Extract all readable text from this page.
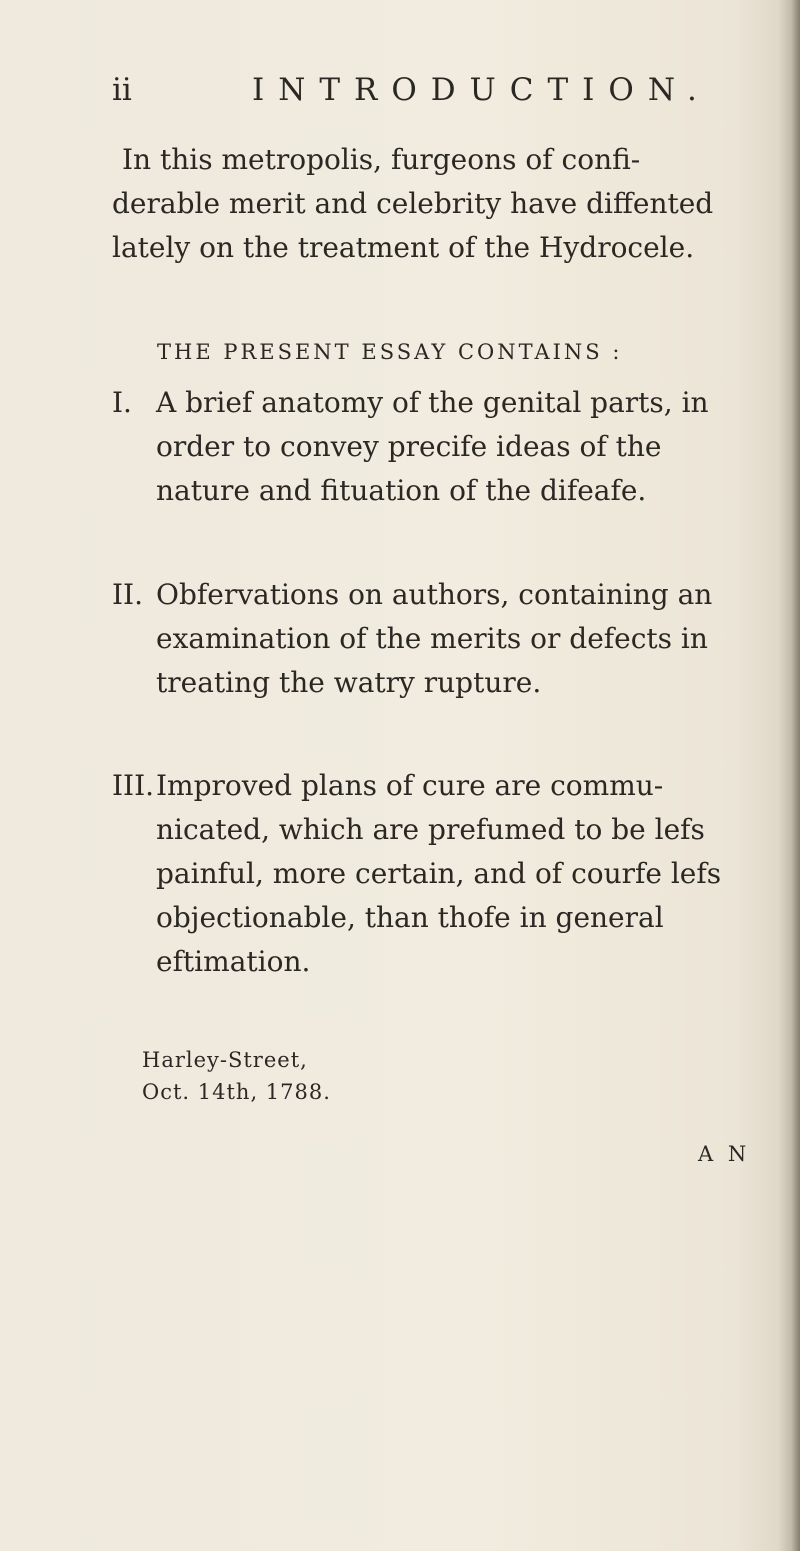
ii	INTRODUCTION.
In this metropolis, furgeons of confi-derable merit and celebrity have diffented lately on the treatment of the Hydrocele.
THE PRESENT ESSAY CONTAINS :
I. A brief anatomy of the genital parts, in order to convey precife ideas of the nature and fituation of the difeafe.
II. Obfervations on authors, containing an examination of the merits or defects in treating the watry rupture.
III. Improved plans of cure are commu-nicated, which are prefumed to be lefs painful, more certain, and of courfe lefs objectionable, than thofe in general eftimation.
Harley-Street,
Oct. 14th, 1788.
A N
